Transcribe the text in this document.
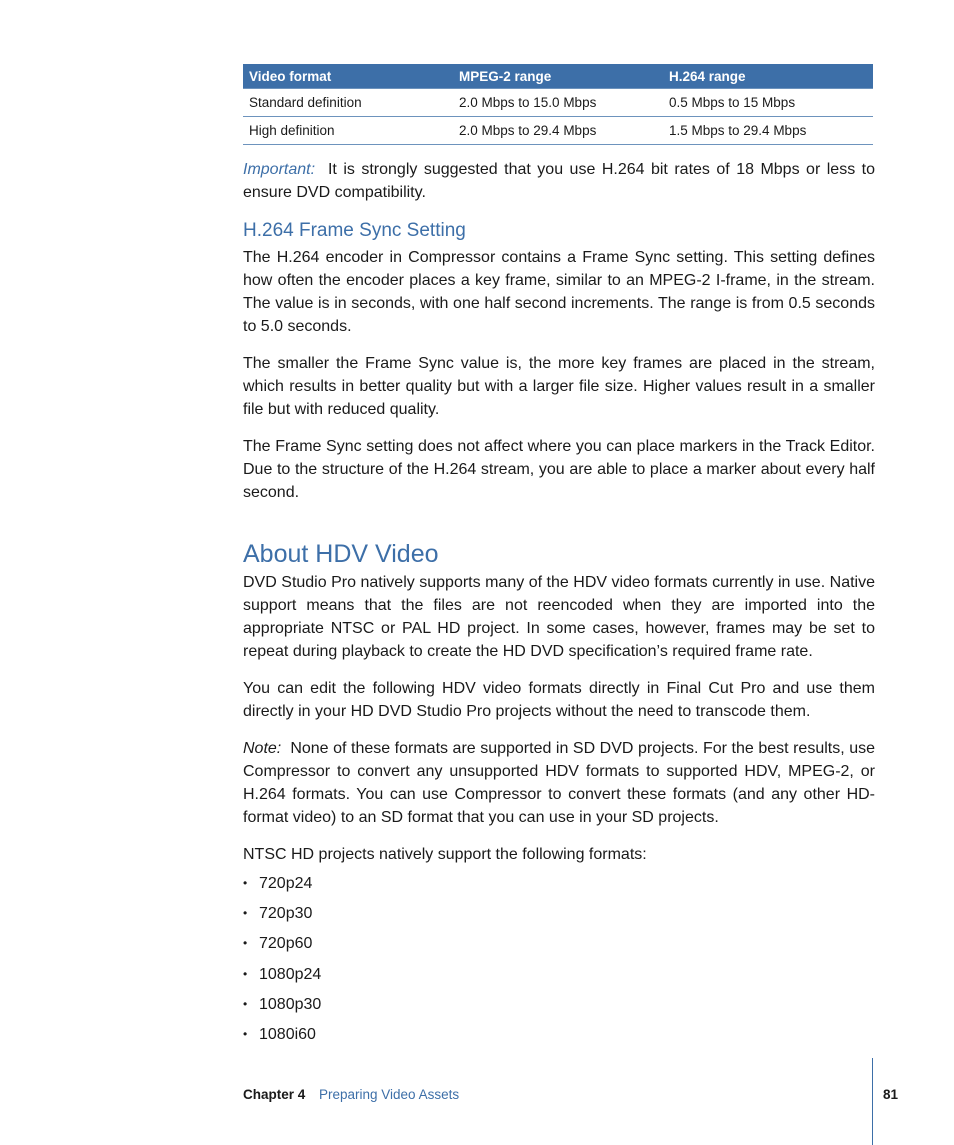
Video format	MPEG-2 range	H.264 range
Standard definition	2.0 Mbps to 15.0 Mbps	0.5 Mbps to 15 Mbps
High definition	2.0 Mbps to 29.4 Mbps	1.5 Mbps to 29.4 Mbps

Important: It is strongly suggested that you use H.264 bit rates of 18 Mbps or less to ensure DVD compatibility.

H.264 Frame Sync Setting

The H.264 encoder in Compressor contains a Frame Sync setting. This setting defines how often the encoder places a key frame, similar to an MPEG-2 I-frame, in the stream. The value is in seconds, with one half second increments. The range is from 0.5 seconds to 5.0 seconds.

The smaller the Frame Sync value is, the more key frames are placed in the stream, which results in better quality but with a larger file size. Higher values result in a smaller file but with reduced quality.

The Frame Sync setting does not affect where you can place markers in the Track Editor. Due to the structure of the H.264 stream, you are able to place a marker about every half second.

About HDV Video

DVD Studio Pro natively supports many of the HDV video formats currently in use. Native support means that the files are not reencoded when they are imported into the appropriate NTSC or PAL HD project. In some cases, however, frames may be set to repeat during playback to create the HD DVD specification’s required frame rate.

You can edit the following HDV video formats directly in Final Cut Pro and use them directly in your HD DVD Studio Pro projects without the need to transcode them.

Note: None of these formats are supported in SD DVD projects. For the best results, use Compressor to convert any unsupported HDV formats to supported HDV, MPEG-2, or H.264 formats. You can use Compressor to convert these formats (and any other HD-format video) to an SD format that you can use in your SD projects.

NTSC HD projects natively support the following formats:

• 720p24
• 720p30
• 720p60
• 1080p24
• 1080p30
• 1080i60
Chapter 4 Preparing Video Assets	81
